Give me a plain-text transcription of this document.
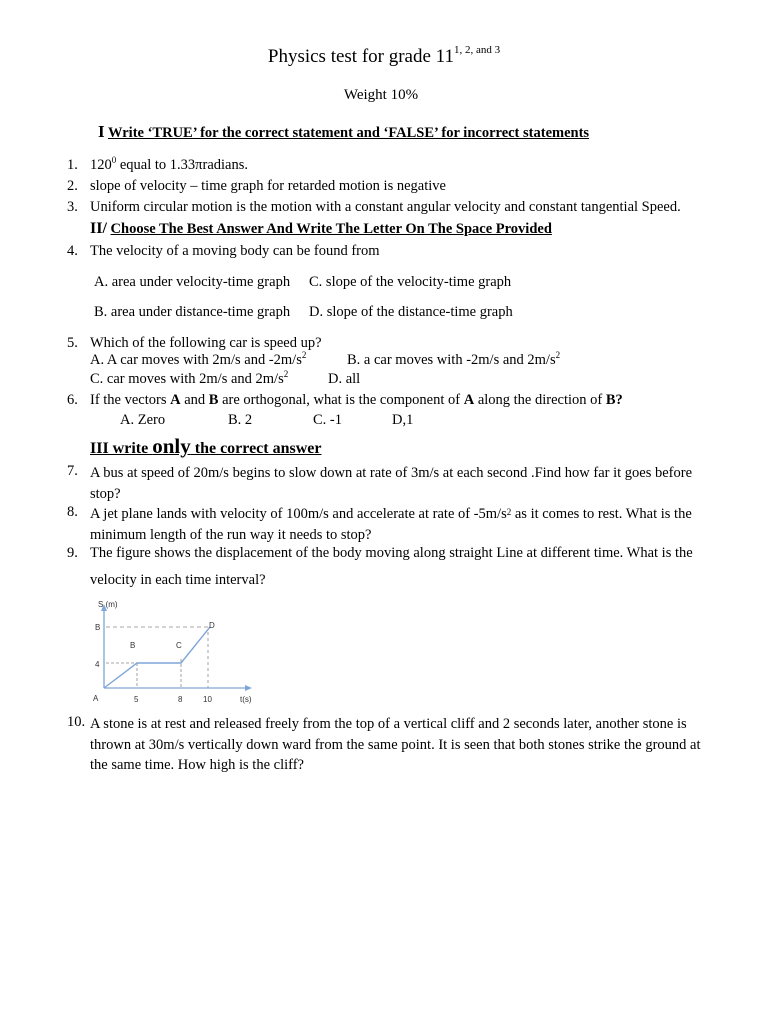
Physics test for grade $11^{1, 2, and 3}$
Weight 10%
I Write ‘TRUE’ for the correct statement and ‘FALSE’ for incorrect statements
1. $120^0$ equal to 1.33πradians.
2. slope of velocity – time graph for retarded motion is negative
3. Uniform circular motion is the motion with a constant angular velocity and constant tangential Speed.
II/ Choose The Best Answer And Write The Letter On The Space Provided
4. The velocity of a moving body can be found from
A. area under velocity-time graph C. slope of the velocity-time graph
B. area under distance-time graph D. slope of the distance-time graph
5. Which of the following car is speed up?
A. A car moves with 2m/s and $-2m/s^2$	B. a car moves with -2m/s and $2m/s^2$
C. car moves with 2m/s and $2m/s^2$	D. all
6. If the vectors A and B are orthogonal, what is the component of A along the direction of B?
A. Zero	B. 2	C. -1	D,1
III write only the correct answer
7. A bus at speed of 20m/s begins to slow down at rate of 3m/s at each second .Find how far it goes before stop?
8. A jet plane lands with velocity of 100m/s and accelerate at rate of $-5m/s^2$ as it comes to rest. What is the minimum length of the run way it needs to stop?
9. The figure shows the displacement of the body moving along straight Line at different time. What is the
velocity in each time interval?
S (m)
t(s)
A
B	C
D
B
4
5	8	10
10. A stone is at rest and released freely from the top of a vertical cliff and 2 seconds later, another stone is thrown at 30m/s vertically down ward from the same point. It is seen that both stones strike the ground at the same time. How high is the cliff?
